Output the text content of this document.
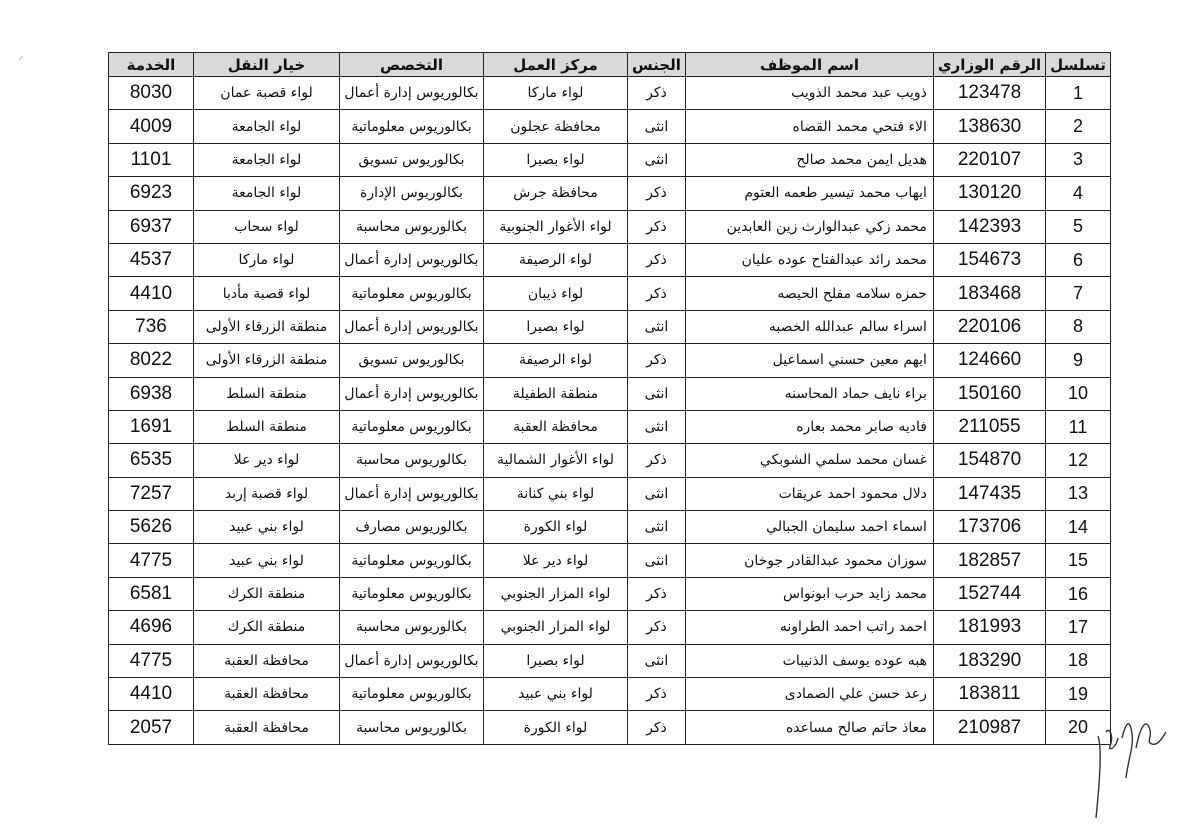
تسلسل	الرقم الوزاري	اسم الموظف	الجنس	مركز العمل	التخصص	خيار النقل	الخدمة
1	123478	ذويب عبد محمد الذويب	ذكر	لواء ماركا	بكالوريوس إدارة أعمال	لواء قصبة عمان	8030
2	138630	الاء فتحي محمد القضاه	انثى	محافظة عجلون	بكالوريوس معلوماتية	لواء الجامعة	4009
3	220107	هديل ايمن محمد صالح	انثى	لواء بصيرا	بكالوريوس تسويق	لواء الجامعة	1101
4	130120	ايهاب محمد تيسير طعمه العتوم	ذكر	محافظة جرش	بكالوريوس الإدارة	لواء الجامعة	6923
5	142393	محمد زكي عبدالوارث زين العابدين	ذكر	لواء الأغوار الجنوبية	بكالوريوس محاسبة	لواء سحاب	6937
6	154673	محمد رائد عبدالفتاح عوده عليان	ذكر	لواء الرصيفة	بكالوريوس إدارة أعمال	لواء ماركا	4537
7	183468	حمزه سلامه مفلح الحيصه	ذكر	لواء ذيبان	بكالوريوس معلوماتية	لواء قصبة مأدبا	4410
8	220106	اسراء سالم عبدالله الخصبه	انثى	لواء بصيرا	بكالوريوس إدارة أعمال	منطقة الزرقاء الأولى	736
9	124660	ايهم معين حسني اسماعيل	ذكر	لواء الرصيفة	بكالوريوس تسويق	منطقة الزرقاء الأولى	8022
10	150160	براء نايف حماد المحاسنه	انثى	منطقة الطفيلة	بكالوريوس إدارة أعمال	منطقة السلط	6938
11	211055	فاديه صابر محمد بعاره	انثى	محافظة العقبة	بكالوريوس معلوماتية	منطقة السلط	1691
12	154870	غسان محمد سلمي الشوبكي	ذكر	لواء الأغوار الشمالية	بكالوريوس محاسبة	لواء دير علا	6535
13	147435	دلال محمود احمد عريقات	انثى	لواء بني كنانة	بكالوريوس إدارة أعمال	لواء قصبة إربد	7257
14	173706	اسماء احمد سليمان الجبالي	انثى	لواء الكورة	بكالوريوس مصارف	لواء بني عبيد	5626
15	182857	سوزان محمود عبدالقادر جوخان	انثى	لواء دير علا	بكالوريوس معلوماتية	لواء بني عبيد	4775
16	152744	محمد زايد حرب ابونواس	ذكر	لواء المزار الجنوبي	بكالوريوس معلوماتية	منطقة الكرك	6581
17	181993	احمد راتب احمد الطراونه	ذكر	لواء المزار الجنوبي	بكالوريوس محاسبة	منطقة الكرك	4696
18	183290	هبه عوده يوسف الذنيبات	انثى	لواء بصيرا	بكالوريوس إدارة أعمال	محافظة العقبة	4775
19	183811	رعد حسن علي الصمادى	ذكر	لواء بني عبيد	بكالوريوس معلوماتية	محافظة العقبة	4410
20	210987	معاذ حاتم صالح مساعده	ذكر	لواء الكورة	بكالوريوس محاسبة	محافظة العقبة	2057
